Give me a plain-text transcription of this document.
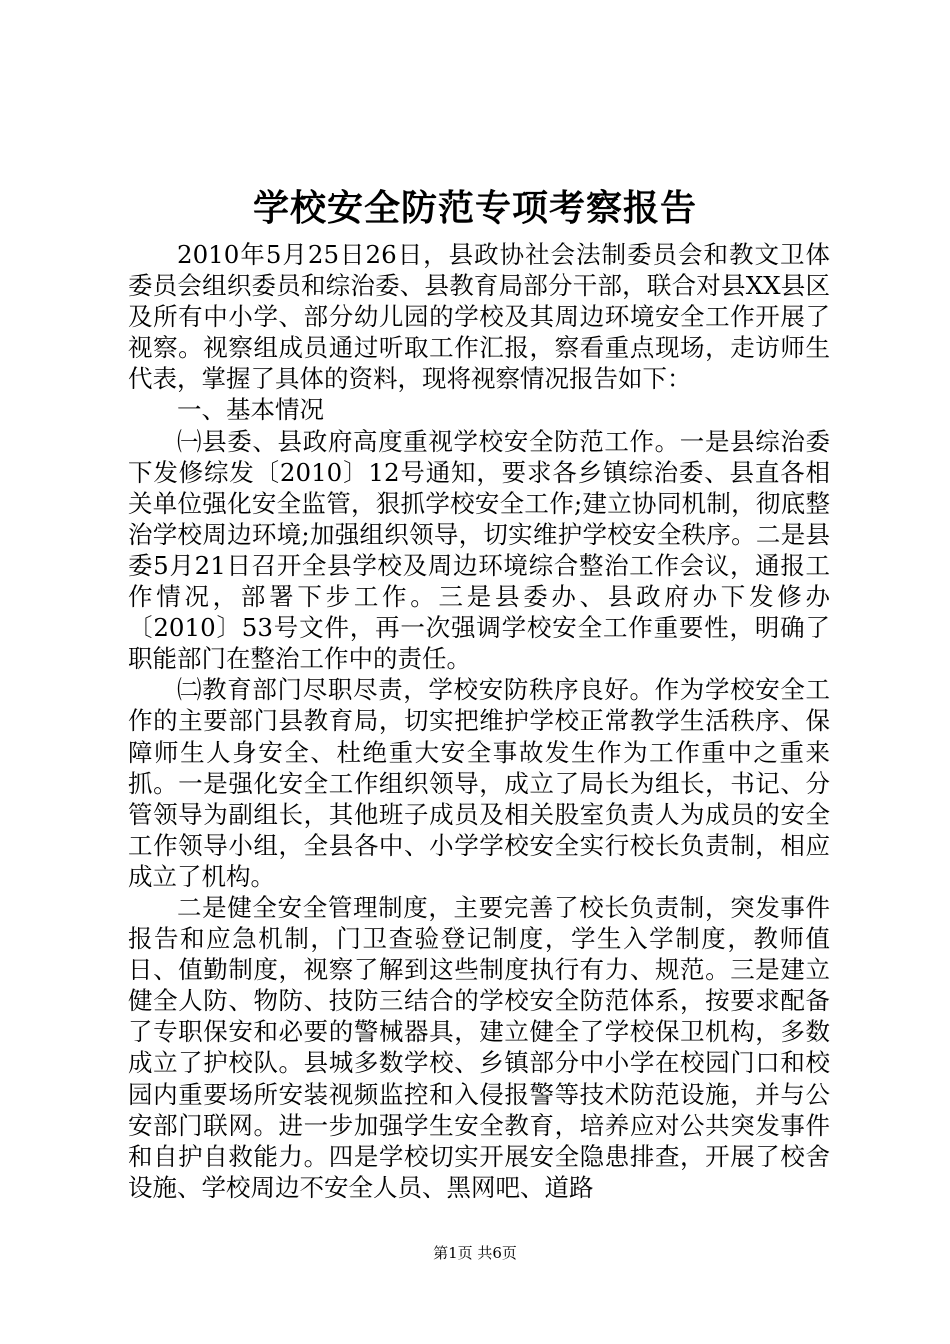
学校安全防范专项考察报告

2010年5月25日26日，县政协社会法制委员会和教文卫体委员会组织委员和综治委、县教育局部分干部，联合对县XX县区及所有中小学、部分幼儿园的学校及其周边环境安全工作开展了视察。视察组成员通过听取工作汇报，察看重点现场，走访师生代表，掌握了具体的资料，现将视察情况报告如下：

一、基本情况

㈠县委、县政府高度重视学校安全防范工作。一是县综治委下发修综发〔2010〕12号通知，要求各乡镇综治委、县直各相关单位强化安全监管，狠抓学校安全工作;建立协同机制，彻底整治学校周边环境;加强组织领导，切实维护学校安全秩序。二是县委5月21日召开全县学校及周边环境综合整治工作会议，通报工作情况，部署下步工作。三是县委办、县政府办下发修办〔2010〕53号文件，再一次强调学校安全工作重要性，明确了职能部门在整治工作中的责任。

㈡教育部门尽职尽责，学校安防秩序良好。作为学校安全工作的主要部门县教育局，切实把维护学校正常教学生活秩序、保障师生人身安全、杜绝重大安全事故发生作为工作重中之重来抓。一是强化安全工作组织领导，成立了局长为组长，书记、分管领导为副组长，其他班子成员及相关股室负责人为成员的安全工作领导小组，全县各中、小学学校安全实行校长负责制，相应成立了机构。

二是健全安全管理制度，主要完善了校长负责制，突发事件报告和应急机制，门卫查验登记制度，学生入学制度，教师值日、值勤制度，视察了解到这些制度执行有力、规范。三是建立健全人防、物防、技防三结合的学校安全防范体系，按要求配备了专职保安和必要的警械器具，建立健全了学校保卫机构，多数成立了护校队。县城多数学校、乡镇部分中小学在校园门口和校园内重要场所安装视频监控和入侵报警等技术防范设施，并与公安部门联网。进一步加强学生安全教育，培养应对公共突发事件和自护自救能力。四是学校切实开展安全隐患排查，开展了校舍设施、学校周边不安全人员、黑网吧、道路

第1页 共6页
